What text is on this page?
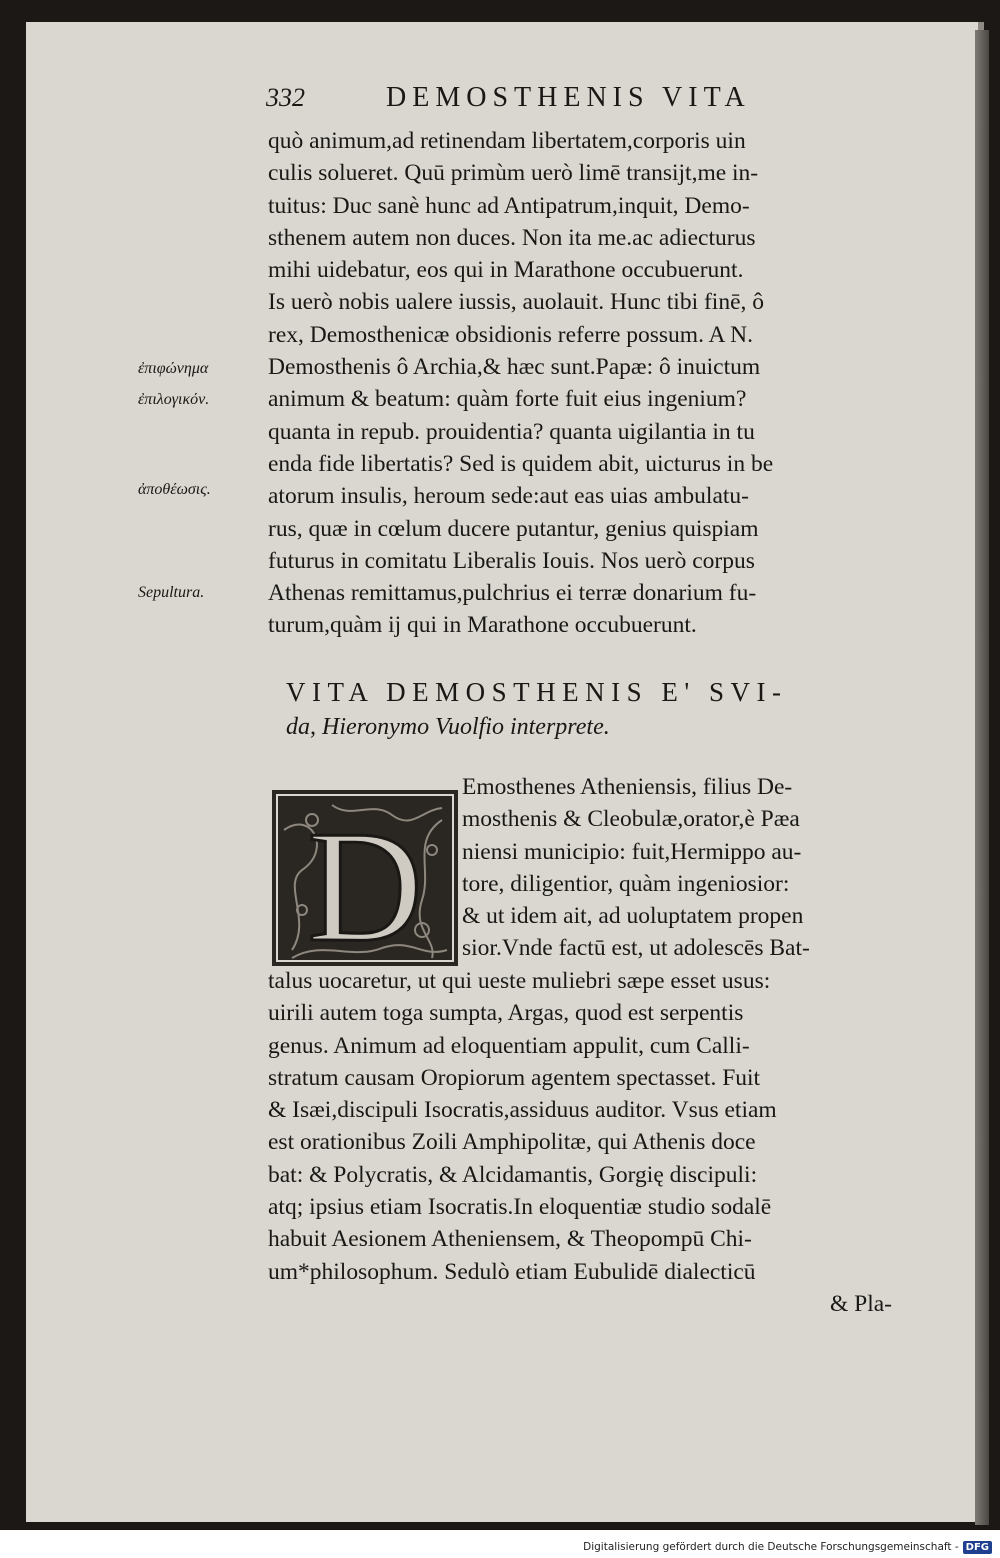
332	DEMOSTHENIS VITA
quò animum,ad retinendam libertatem,corporis uin
culis solueret. Quū primùm uerò limē transijt,me in-
tuitus: Duc sanè hunc ad Antipatrum,inquit, Demo-
sthenem autem non duces. Non ita me.ac adiecturus
mihi uidebatur, eos qui in Marathone occubuerunt.
Is uerò nobis ualere iussis, auolauit. Hunc tibi finē, ô
rex, Demosthenicæ obsidionis referre possum. A N.
Demosthenis ô Archia,& hæc sunt.Papæ: ô inuictum
animum & beatum: quàm forte fuit eius ingenium?
quanta in repub. prouidentia? quanta uigilantia in tu
enda fide libertatis? Sed is quidem abit, uicturus in be
atorum insulis, heroum sede:aut eas uias ambulatu-
rus, quæ in cœlum ducere putantur, genius quispiam
futurus in comitatu Liberalis Iouis. Nos uerò corpus
Athenas remittamus,pulchrius ei terræ donarium fu-
turum,quàm ij qui in Marathone occubuerunt.
ἐπιφώνημα
ἐπιλογικόν.
ἀποθέωσις.
Sepultura.
VITA DEMOSTHENIS E' SVI-
da, Hieronymo Vuolfio interprete.
D
Emosthenes Atheniensis, filius De-
mosthenis & Cleobulæ,orator,è Pæa
niensi municipio: fuit,Hermippo au-
tore, diligentior, quàm ingeniosior:
& ut idem ait, ad uoluptatem propen
sior.Vnde factū est, ut adolescēs Bat-
talus uocaretur, ut qui ueste muliebri sæpe esset usus:
uirili autem toga sumpta, Argas, quod est serpentis
genus. Animum ad eloquentiam appulit, cum Calli-
stratum causam Oropiorum agentem spectasset. Fuit
& Isæi,discipuli Isocratis,assiduus auditor. Vsus etiam
est orationibus Zoili Amphipolitæ, qui Athenis doce
bat: & Polycratis, & Alcidamantis, Gorgię discipuli:
atq; ipsius etiam Isocratis.In eloquentiæ studio sodalē
habuit Aesionem Atheniensem, & Theopompū Chi-
um*philosophum. Sedulò etiam Eubulidē dialecticū
& Pla-
Digitalisierung gefördert durch die Deutsche Forschungsgemeinschaft - DFG
